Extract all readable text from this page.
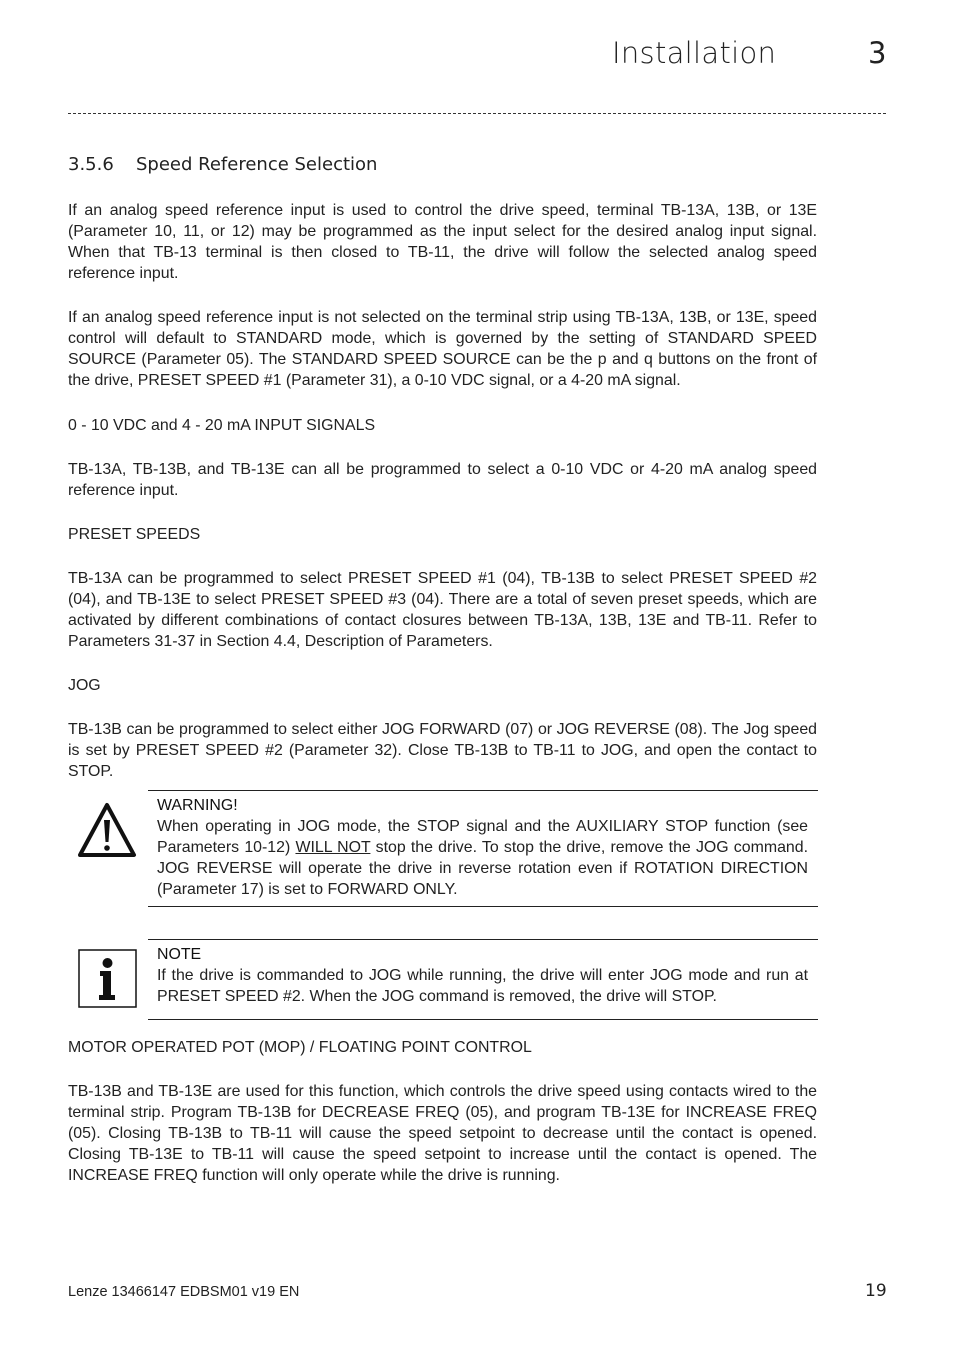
Installation	3
3.5.6 Speed Reference Selection
If an analog speed reference input is used to control the drive speed, terminal TB-13A, 13B, or 13E (Parameter 10, 11, or 12) may be programmed as the input select for the desired analog input signal. When that TB-13 terminal is then closed to TB-11, the drive will follow the selected analog speed reference input.
If an analog speed reference input is not selected on the terminal strip using TB-13A, 13B, or 13E, speed control will default to STANDARD mode, which is governed by the setting of STANDARD SPEED SOURCE (Parameter 05). The STANDARD SPEED SOURCE can be the p and q buttons on the front of the drive, PRESET SPEED #1 (Parameter 31), a 0-10 VDC signal, or a 4-20 mA signal.
0 - 10 VDC and 4 - 20 mA INPUT SIGNALS
TB-13A, TB-13B, and TB-13E can all be programmed to select a 0-10 VDC or 4-20 mA analog speed reference input.
PRESET SPEEDS
TB-13A can be programmed to select PRESET SPEED #1 (04), TB-13B to select PRESET SPEED #2 (04), and TB-13E to select PRESET SPEED #3 (04). There are a total of seven preset speeds, which are activated by different combinations of contact closures between TB-13A, 13B, 13E and TB-11. Refer to Parameters 31-37 in Section 4.4, Description of Parameters.
JOG
TB-13B can be programmed to select either JOG FORWARD (07) or JOG REVERSE (08). The Jog speed is set by PRESET SPEED #2 (Parameter 32). Close TB-13B to TB-11 to JOG, and open the contact to STOP.
WARNING!
When operating in JOG mode, the STOP signal and the AUXILIARY STOP function (see Parameters 10-12) WILL NOT stop the drive. To stop the drive, remove the JOG command. JOG REVERSE will operate the drive in reverse rotation even if ROTATION DIRECTION (Parameter 17) is set to FORWARD ONLY.
NOTE
If the drive is commanded to JOG while running, the drive will enter JOG mode and run at PRESET SPEED #2. When the JOG command is removed, the drive will STOP.
MOTOR OPERATED POT (MOP) / FLOATING POINT CONTROL
TB-13B and TB-13E are used for this function, which controls the drive speed using contacts wired to the terminal strip. Program TB-13B for DECREASE FREQ (05), and program TB-13E for INCREASE FREQ (05). Closing TB-13B to TB-11 will cause the speed setpoint to decrease until the contact is opened. Closing TB-13E to TB-11 will cause the speed setpoint to increase until the contact is opened. The INCREASE FREQ function will only operate while the drive is running.
Lenze 13466147 EDBSM01 v19 EN	19
